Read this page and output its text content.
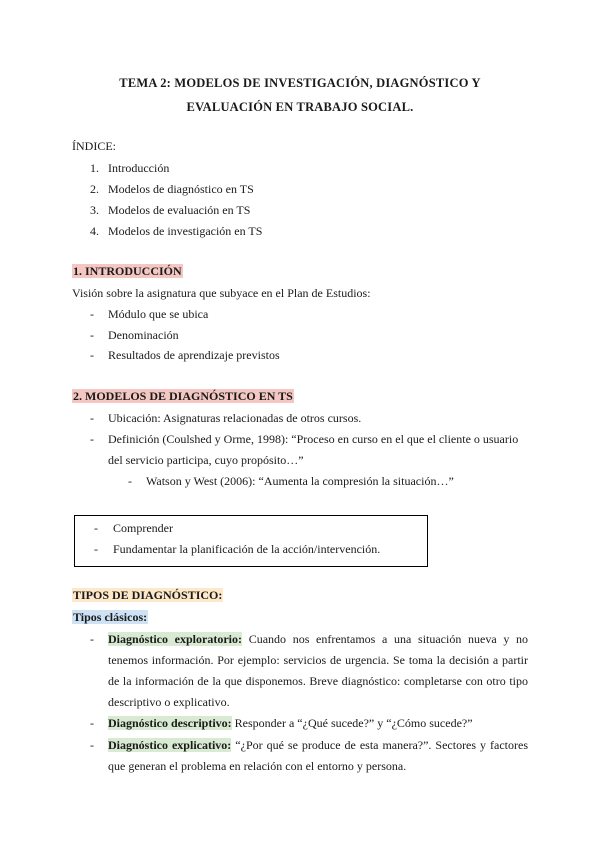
TEMA 2: MODELOS DE INVESTIGACIÓN, DIAGNÓSTICO Y
EVALUACIÓN EN TRABAJO SOCIAL.
ÍNDICE:
1. Introducción
2. Modelos de diagnóstico en TS
3. Modelos de evaluación en TS
4. Modelos de investigación en TS
1. INTRODUCCIÓN
Visión sobre la asignatura que subyace en el Plan de Estudios:
- Módulo que se ubica
- Denominación
- Resultados de aprendizaje previstos
2. MODELOS DE DIAGNÓSTICO EN TS
- Ubicación: Asignaturas relacionadas de otros cursos.
- Definición (Coulshed y Orme, 1998): “Proceso en curso en el que el cliente o usuario
del servicio participa, cuyo propósito…”
- Watson y West (2006): “Aumenta la compresión la situación…”
- Comprender
- Fundamentar la planificación de la acción/intervención.
TIPOS DE DIAGNÓSTICO:
Tipos clásicos:
- Diagnóstico exploratorio: Cuando nos enfrentamos a una situación nueva y no
tenemos información. Por ejemplo: servicios de urgencia. Se toma la decisión a partir
de la información de la que disponemos. Breve diagnóstico: completarse con otro tipo
descriptivo o explicativo.
- Diagnóstico descriptivo: Responder a “¿Qué sucede?” y “¿Cómo sucede?”
- Diagnóstico explicativo: “¿Por qué se produce de esta manera?”. Sectores y factores
que generan el problema en relación con el entorno y persona.
